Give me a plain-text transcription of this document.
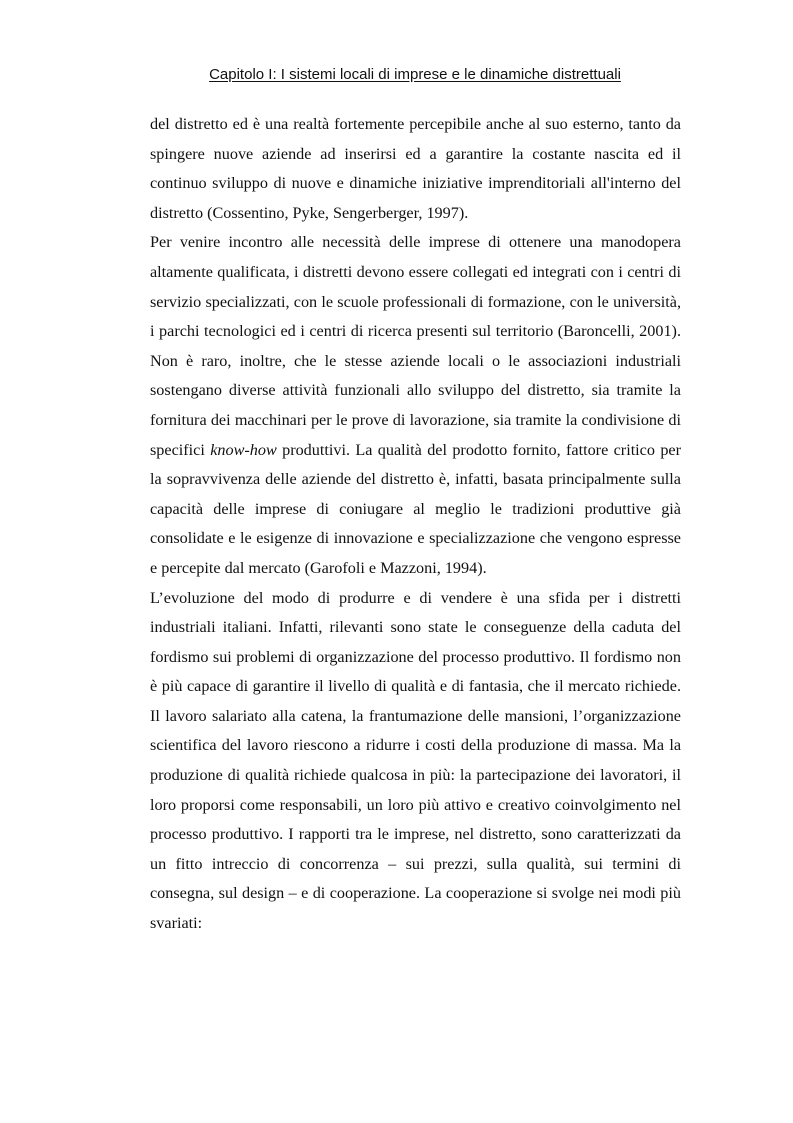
Capitolo I: I sistemi locali di imprese e le dinamiche distrettuali

del distretto ed è una realtà fortemente percepibile anche al suo esterno, tanto da spingere nuove aziende ad inserirsi ed a garantire la costante nascita ed il continuo sviluppo di nuove e dinamiche iniziative imprenditoriali all'interno del distretto (Cossentino, Pyke, Sengerberger, 1997).

Per venire incontro alle necessità delle imprese di ottenere una manodopera altamente qualificata, i distretti devono essere collegati ed integrati con i centri di servizio specializzati, con le scuole professionali di formazione, con le università, i parchi tecnologici ed i centri di ricerca presenti sul territorio (Baroncelli, 2001). Non è raro, inoltre, che le stesse aziende locali o le associazioni industriali sostengano diverse attività funzionali allo sviluppo del distretto, sia tramite la fornitura dei macchinari per le prove di lavorazione, sia tramite la condivisione di specifici know-how produttivi. La qualità del prodotto fornito, fattore critico per la sopravvivenza delle aziende del distretto è, infatti, basata principalmente sulla capacità delle imprese di coniugare al meglio le tradizioni produttive già consolidate e le esigenze di innovazione e specializzazione che vengono espresse e percepite dal mercato (Garofoli e Mazzoni, 1994).

L’evoluzione del modo di produrre e di vendere è una sfida per i distretti industriali italiani. Infatti, rilevanti sono state le conseguenze della caduta del fordismo sui problemi di organizzazione del processo produttivo. Il fordismo non è più capace di garantire il livello di qualità e di fantasia, che il mercato richiede. Il lavoro salariato alla catena, la frantumazione delle mansioni, l’organizzazione scientifica del lavoro riescono a ridurre i costi della produzione di massa. Ma la produzione di qualità richiede qualcosa in più: la partecipazione dei lavoratori, il loro proporsi come responsabili, un loro più attivo e creativo coinvolgimento nel processo produttivo. I rapporti tra le imprese, nel distretto, sono caratterizzati da un fitto intreccio di concorrenza – sui prezzi, sulla qualità, sui termini di consegna, sul design – e di cooperazione. La cooperazione si svolge nei modi più svariati:
